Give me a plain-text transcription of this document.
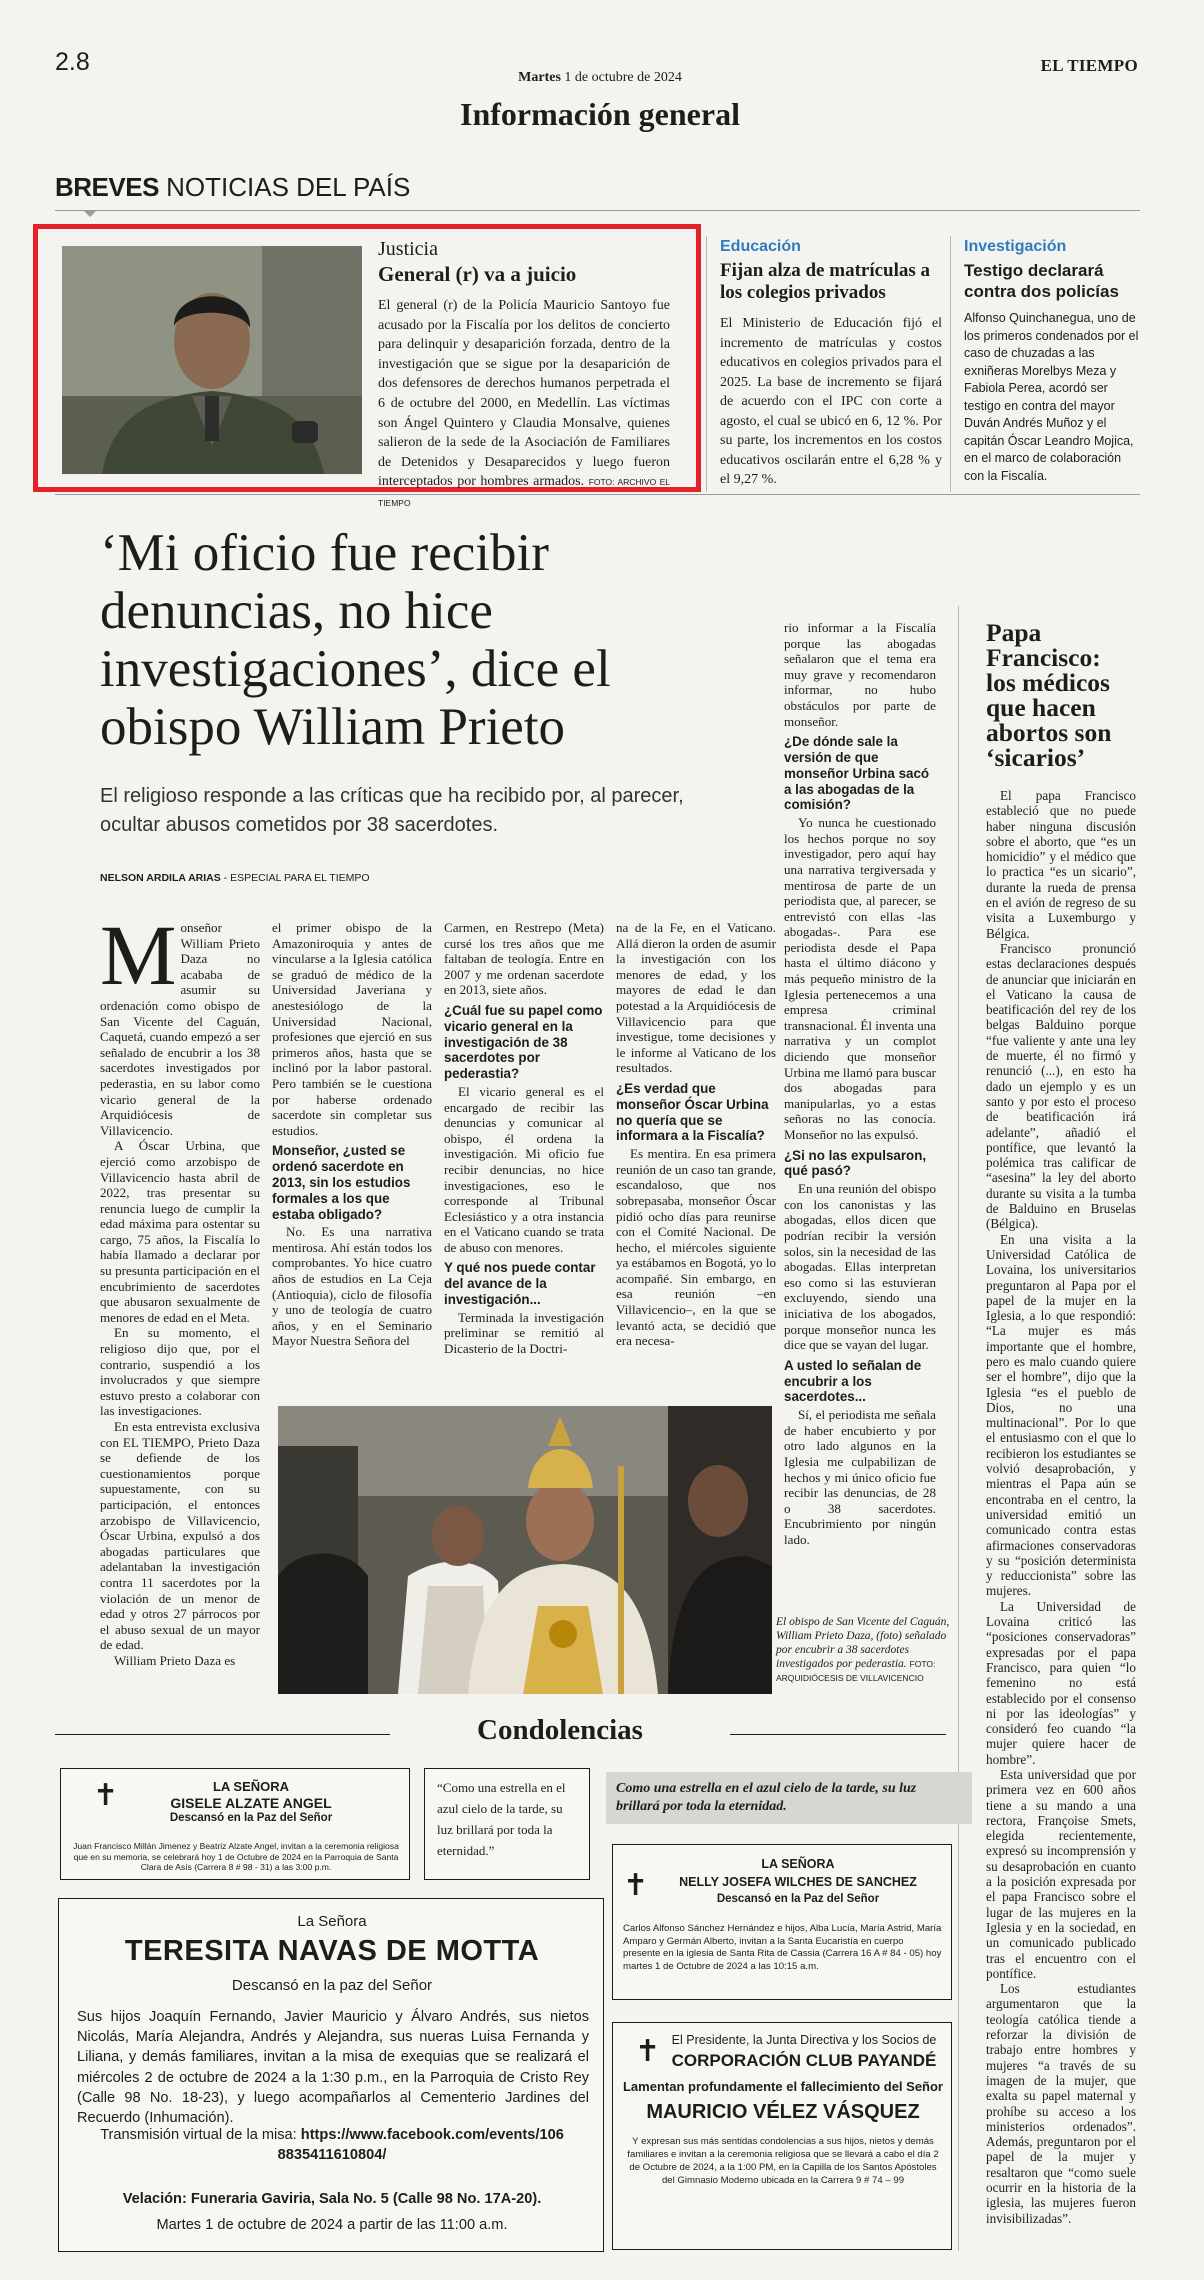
2.8
Martes 1 de octubre de 2024
EL TIEMPO
Información general
BREVES NOTICIAS DEL PAÍS
Justicia
General (r) va a juicio
El general (r) de la Policía Mauricio Santoyo fue acusado por la Fiscalía por los delitos de concierto para delinquir y desaparición forzada, dentro de la investigación que se sigue por la desaparición de dos defensores de derechos humanos perpetrada el 6 de octubre del 2000, en Medellín. Las víctimas son Ángel Quintero y Claudia Monsalve, quienes salieron de la sede de la Asociación de Familiares de Detenidos y Desaparecidos y luego fueron interceptados por hombres armados. FOTO: ARCHIVO EL TIEMPO
Educación
Fijan alza de matrículas a los colegios privados
El Ministerio de Educación fijó el incremento de matrículas y costos educativos en colegios privados para el 2025. La base de incremento se fijará de acuerdo con el IPC con corte a agosto, el cual se ubicó en 6, 12 %. Por su parte, los incrementos en los costos educativos oscilarán entre el 6,28 % y el 9,27 %.
Investigación
Testigo declarará contra dos policías
Alfonso Quinchanegua, uno de los primeros condenados por el caso de chuzadas a las exniñeras Morelbys Meza y Fabiola Perea, acordó ser testigo en contra del mayor Duván Andrés Muñoz y el capitán Óscar Leandro Mojica, en el marco de colaboración con la Fiscalía.
‘Mi oficio fue recibir denuncias, no hice investigaciones’, dice el obispo William Prieto
El religioso responde a las críticas que ha recibido por, al parecer, ocultar abusos cometidos por 38 sacerdotes.
NELSON ARDILA ARIAS - ESPECIAL PARA EL TIEMPO

Monseñor William Prieto Daza no acababa de asumir su ordenación como obispo de San Vicente del Caguán, Caquetá, cuando empezó a ser señalado de encubrir a los 38 sacerdotes investigados por pederastia, en su labor como vicario general de la Arquidiócesis de Villavicencio.

A Óscar Urbina, que ejerció como arzobispo de Villavicencio hasta abril de 2022, tras presentar su renuncia luego de cumplir la edad máxima para ostentar su cargo, 75 años, la Fiscalía lo había llamado a declarar por su presunta participación en el encubrimiento de sacerdotes que abusaron sexualmente de menores de edad en el Meta.

En su momento, el religioso dijo que, por el contrario, suspendió a los involucrados y que siempre estuvo presto a colaborar con las investigaciones.

En esta entrevista exclusiva con EL TIEMPO, Prieto Daza se defiende de los cuestionamientos porque supuestamente, con su participación, el entonces arzobispo de Villavicencio, Óscar Urbina, expulsó a dos abogadas particulares que adelantaban la investigación contra 11 sacerdotes por la violación de un menor de edad y otros 27 párrocos por el abuso sexual de un mayor de edad.

William Prieto Daza es

el primer obispo de la Amazoniroquia y antes de vincularse a la Iglesia católica se graduó de médico de la Universidad Javeriana y anestesiólogo de la Universidad Nacional, profesiones que ejerció en sus primeros años, hasta que se inclinó por la labor pastoral. Pero también se le cuestiona por haberse ordenado sacerdote sin completar sus estudios.

Monseñor, ¿usted se ordenó sacerdote en 2013, sin los estudios formales a los que estaba obligado?

No. Es una narrativa mentirosa. Ahí están todos los comprobantes. Yo hice cuatro años de estudios en La Ceja (Antioquia), ciclo de filosofía y uno de teología de cuatro años, y en el Seminario Mayor Nuestra Señora del

Carmen, en Restrepo (Meta) cursé los tres años que me faltaban de teología. Entre en 2007 y me ordenan sacerdote en 2013, siete años.

¿Cuál fue su papel como vicario general en la investigación de 38 sacerdotes por pederastia?

El vicario general es el encargado de recibir las denuncias y comunicar al obispo, él ordena la investigación. Mi oficio fue recibir denuncias, no hice investigaciones, eso le corresponde al Tribunal Eclesiástico y a otra instancia en el Vaticano cuando se trata de abuso con menores.

Y qué nos puede contar del avance de la investigación...

Terminada la investigación preliminar se remitió al Dicasterio de la Doctri-

na de la Fe, en el Vaticano. Allá dieron la orden de asumir la investigación con los menores de edad, y los mayores de edad le dan potestad a la Arquidiócesis de Villavicencio para que investigue, tome decisiones y le informe al Vaticano de los resultados.

¿Es verdad que monseñor Óscar Urbina no quería que se informara a la Fiscalía?

Es mentira. En esa primera reunión de un caso tan grande, escandaloso, que nos sobrepasaba, monseñor Óscar pidió ocho días para reunirse con el Comité Nacional. De hecho, el miércoles siguiente ya estábamos en Bogotá, yo lo acompañé. Sin embargo, en esa reunión –en Villavicencio–, en la que se levantó acta, se decidió que era necesa-

rio informar a la Fiscalía porque las abogadas señalaron que el tema era muy grave y recomendaron informar, no hubo obstáculos por parte de monseñor.

¿De dónde sale la versión de que monseñor Urbina sacó a las abogadas de la comisión?

Yo nunca he cuestionado los hechos porque no soy investigador, pero aquí hay una narrativa tergiversada y mentirosa de parte de un periodista que, al parecer, se entrevistó con ellas -las abogadas-. Para ese periodista desde el Papa hasta el último diácono y más pequeño ministro de la Iglesia pertenecemos a una empresa criminal transnacional. Él inventa una narrativa y un complot diciendo que monseñor Urbina me llamó para buscar dos abogadas para manipularlas, yo a estas señoras no las conocía. Monseñor no las expulsó.

¿Si no las expulsaron, qué pasó?

En una reunión del obispo con los canonistas y las abogadas, ellos dicen que podrían recibir la versión solos, sin la necesidad de las abogadas. Ellas interpretan eso como si las estuvieran excluyendo, siendo una iniciativa de los abogados, porque monseñor nunca les dice que se vayan del lugar.

A usted lo señalan de encubrir a los sacerdotes...

Sí, el periodista me señala de haber encubierto y por otro lado algunos en la Iglesia me culpabilizan de hechos y mi único oficio fue recibir las denuncias, de 28 o 38 sacerdotes. Encubrimiento por ningún lado.

El obispo de San Vicente del Caguán, William Prieto Daza, (foto) señalado por encubrir a 38 sacerdotes investigados por pederastia. FOTO: ARQUIDIÓCESIS DE VILLAVICENCIO
Papa Francisco: los médicos que hacen abortos son ‘sicarios’

El papa Francisco estableció que no puede haber ninguna discusión sobre el aborto, que “es un homicidio” y el médico que lo practica “es un sicario”, durante la rueda de prensa en el avión de regreso de su visita a Luxemburgo y Bélgica.

Francisco pronunció estas declaraciones después de anunciar que iniciarán en el Vaticano la causa de beatificación del rey de los belgas Balduino porque “fue valiente y ante una ley de muerte, él no firmó y renunció (...), en esto ha dado un ejemplo y es un santo y por esto el proceso de beatificación irá adelante”, añadió el pontífice, que levantó la polémica tras calificar de “asesina” la ley del aborto durante su visita a la tumba de Balduino en Bruselas (Bélgica).

En una visita a la Universidad Católica de Lovaina, los universitarios preguntaron al Papa por el papel de la mujer en la Iglesia, a lo que respondió: “La mujer es más importante que el hombre, pero es malo cuando quiere ser el hombre”, dijo que la Iglesia “es el pueblo de Dios, no una multinacional”. Por lo que el entusiasmo con el que lo recibieron los estudiantes se volvió desaprobación, y mientras el Papa aún se encontraba en el centro, la universidad emitió un comunicado contra estas afirmaciones conservadoras y su “posición determinista y reduccionista” sobre las mujeres.

La Universidad de Lovaina criticó las “posiciones conservadoras” expresadas por el papa Francisco, para quien “lo femenino no está establecido por el consenso ni por las ideologías” y consideró feo cuando “la mujer quiere hacer de hombre”.

Esta universidad que por primera vez en 600 años tiene a su mando a una rectora, Françoise Smets, elegida recientemente, expresó su incomprensión y su desaprobación en cuanto a la posición expresada por el papa Francisco sobre el lugar de las mujeres en la Iglesia y en la sociedad, en un comunicado publicado tras el encuentro con el pontífice.

Los estudiantes argumentaron que la teología católica tiende a reforzar la división de trabajo entre hombres y mujeres “a través de su imagen de la mujer, que exalta su papel maternal y prohíbe su acceso a los ministerios ordenados”. Además, preguntaron por el papel de la mujer y resaltaron que “como suele ocurrir en la historia de la iglesia, las mujeres fueron invisibilizadas”.

Condolencias
✝	LA SEÑORA
GISELE ALZATE ANGEL
Descansó en la Paz del Señor
Juan Francisco Millán Jimenez y Beatriz Alzate Angel, invitan a la ceremonia religiosa que en su memoria, se celebrará hoy 1 de Octubre de 2024 en la Parroquia de Santa Clara de Asís (Carrera 8 # 98 - 31) a las 3:00 p.m.
“Como una estrella en el azul cielo de la tarde, su luz brillará por toda la eternidad.”
Como una estrella en el azul cielo de la tarde, su luz brillará por toda la eternidad.
La Señora
TERESITA NAVAS DE MOTTA
Descansó en la paz del Señor
Sus hijos Joaquín Fernando, Javier Mauricio y Álvaro Andrés, sus nietos Nicolás, María Alejandra, Andrés y Alejandra, sus nueras Luisa Fernanda y Liliana, y demás familiares, invitan a la misa de exequias que se realizará el miércoles 2 de octubre de 2024 a la 1:30 p.m., en la Parroquia de Cristo Rey (Calle 98 No. 18-23), y luego acompañarlos al Cementerio Jardines del Recuerdo (Inhumación).
Transmisión virtual de la misa: https://www.facebook.com/events/1068835411610804/
Velación: Funeraria Gaviria, Sala No. 5 (Calle 98 No. 17A-20).
Martes 1 de octubre de 2024 a partir de las 11:00 a.m.
✝
LA SEÑORA
NELLY JOSEFA WILCHES DE SANCHEZ
Descansó en la Paz del Señor
Carlos Alfonso Sánchez Hernández e hijos, Alba Lucía, María Astrid, María Amparo y Germán Alberto, invitan a la Santa Eucaristía en cuerpo presente en la iglesia de Santa Rita de Cassia (Carrera 16 A # 84 - 05) hoy martes 1 de Octubre de 2024 a las 10:15 a.m.
✝ El Presidente, la Junta Directiva y los Socios de
CORPORACIÓN CLUB PAYANDÉ
Lamentan profundamente el fallecimiento del Señor
MAURICIO VÉLEZ VÁSQUEZ
Y expresan sus más sentidas condolencias a sus hijos, nietos y demás familiares e invitan a la ceremonia religiosa que se llevará a cabo el día 2 de Octubre de 2024, a la 1:00 PM, en la Capilla de los Santos Apóstoles del Gimnasio Moderno ubicada en la Carrera 9 # 74 – 99
